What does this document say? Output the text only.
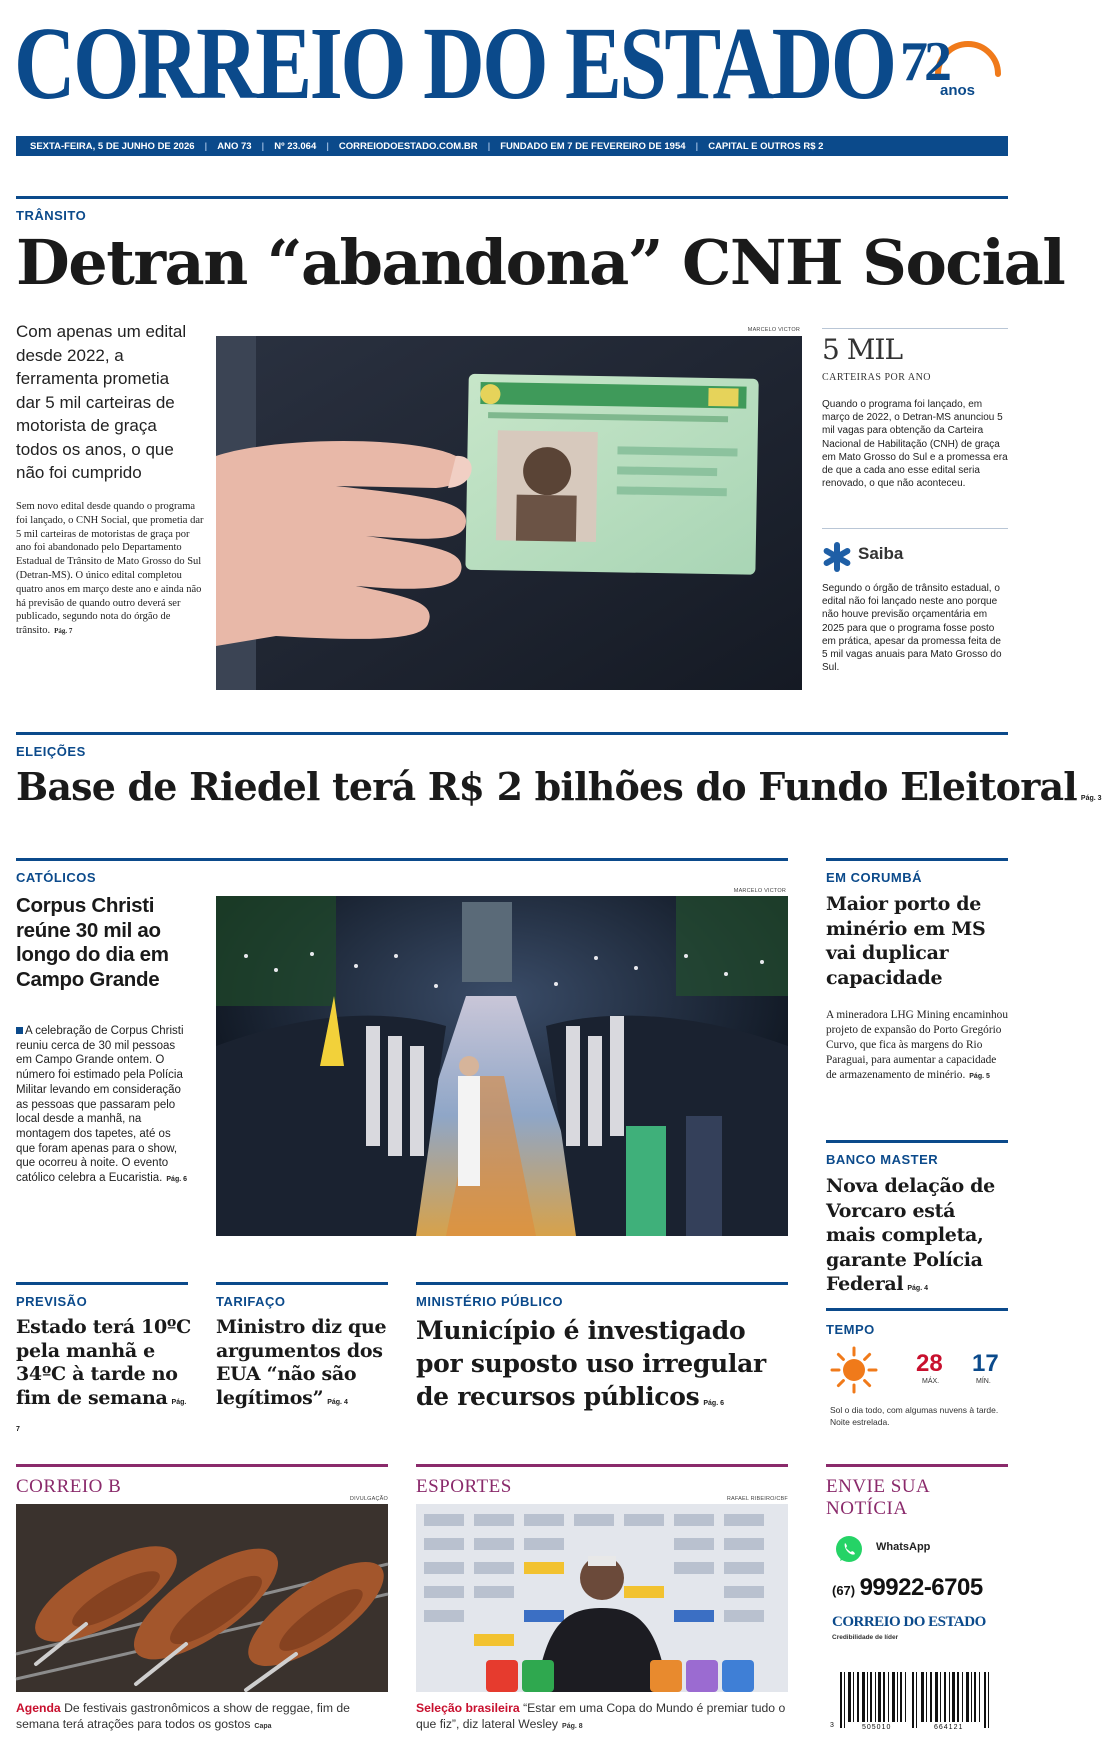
CORREIO DO ESTADO 72
anos
SEXTA-FEIRA, 5 DE JUNHO DE 2026 | ANO 73 | Nº 23.064 | CORREIODOESTADO.COM.BR | FUNDADO EM 7 DE FEVEREIRO DE 1954 | CAPITAL E OUTROS R$ 2
TRÂNSITO
Detran “abandona” CNH Social
Com apenas um edital desde 2022, a ferramenta prometia dar 5 mil carteiras de motorista de graça todos os anos, o que não foi cumprido
Sem novo edital desde quando o programa foi lançado, o CNH Social, que prometia dar 5 mil carteiras de motoristas de graça por ano foi abandonado pelo Departamento Estadual de Trânsito de Mato Grosso do Sul (Detran-MS). O único edital completou quatro anos em março deste ano e ainda não há previsão de quando outro deverá ser publicado, segundo nota do órgão de trânsito. Pág. 7
MARCELO VICTOR
5 MIL
CARTEIRAS POR ANO
Quando o programa foi lançado, em março de 2022, o Detran-MS anunciou 5 mil vagas para obtenção da Carteira Nacional de Habilitação (CNH) de graça em Mato Grosso do Sul e a promessa era de que a cada ano esse edital seria renovado, o que não aconteceu.
Saiba
Segundo o órgão de trânsito estadual, o edital não foi lançado neste ano porque não houve previsão orçamentária em 2025 para que o programa fosse posto em prática, apesar da promessa feita de 5 mil vagas anuais para Mato Grosso do Sul.
ELEIÇÕES
Base de Riedel terá R$ 2 bilhões do Fundo Eleitoral Pág. 3
CATÓLICOS
Corpus Christi reúne 30 mil ao longo do dia em Campo Grande
A celebração de Corpus Christi reuniu cerca de 30 mil pessoas em Campo Grande ontem. O número foi estimado pela Polícia Militar levando em consideração as pessoas que passaram pelo local desde a manhã, na montagem dos tapetes, até os que foram apenas para o show, que ocorreu à noite. O evento católico celebra a Eucaristia. Pág. 6
MARCELO VICTOR
EM CORUMBÁ
Maior porto de minério em MS vai duplicar capacidade
A mineradora LHG Mining encaminhou projeto de expansão do Porto Gregório Curvo, que fica às margens do Rio Paraguai, para aumentar a capacidade de armazenamento de minério. Pág. 5
BANCO MASTER
Nova delação de Vorcaro está mais completa, garante Polícia Federal Pág. 4
PREVISÃO
Estado terá 10ºC pela manhã e 34ºC à tarde no fim de semana Pág. 7
TARIFAÇO
Ministro diz que argumentos dos EUA “não são legítimos” Pág. 4
MINISTÉRIO PÚBLICO
Município é investigado por suposto uso irregular de recursos públicos Pág. 6
TEMPO
28
MÁX.
17
MÍN.
Sol o dia todo, com algumas nuvens à tarde. Noite estrelada.
CORREIO B
DIVULGAÇÃO
Agenda De festivais gastronômicos a show de reggae, fim de semana terá atrações para todos os gostos Capa
ESPORTES
RAFAEL RIBEIRO/CBF
Seleção brasileira “Estar em uma Copa do Mundo é premiar tudo o que fiz”, diz lateral Wesley Pág. 8
ENVIE SUA NOTÍCIA
WhatsApp
(67) 99922-6705
CORREIO DO ESTADO
Credibilidade de líder
3	505010	664121
